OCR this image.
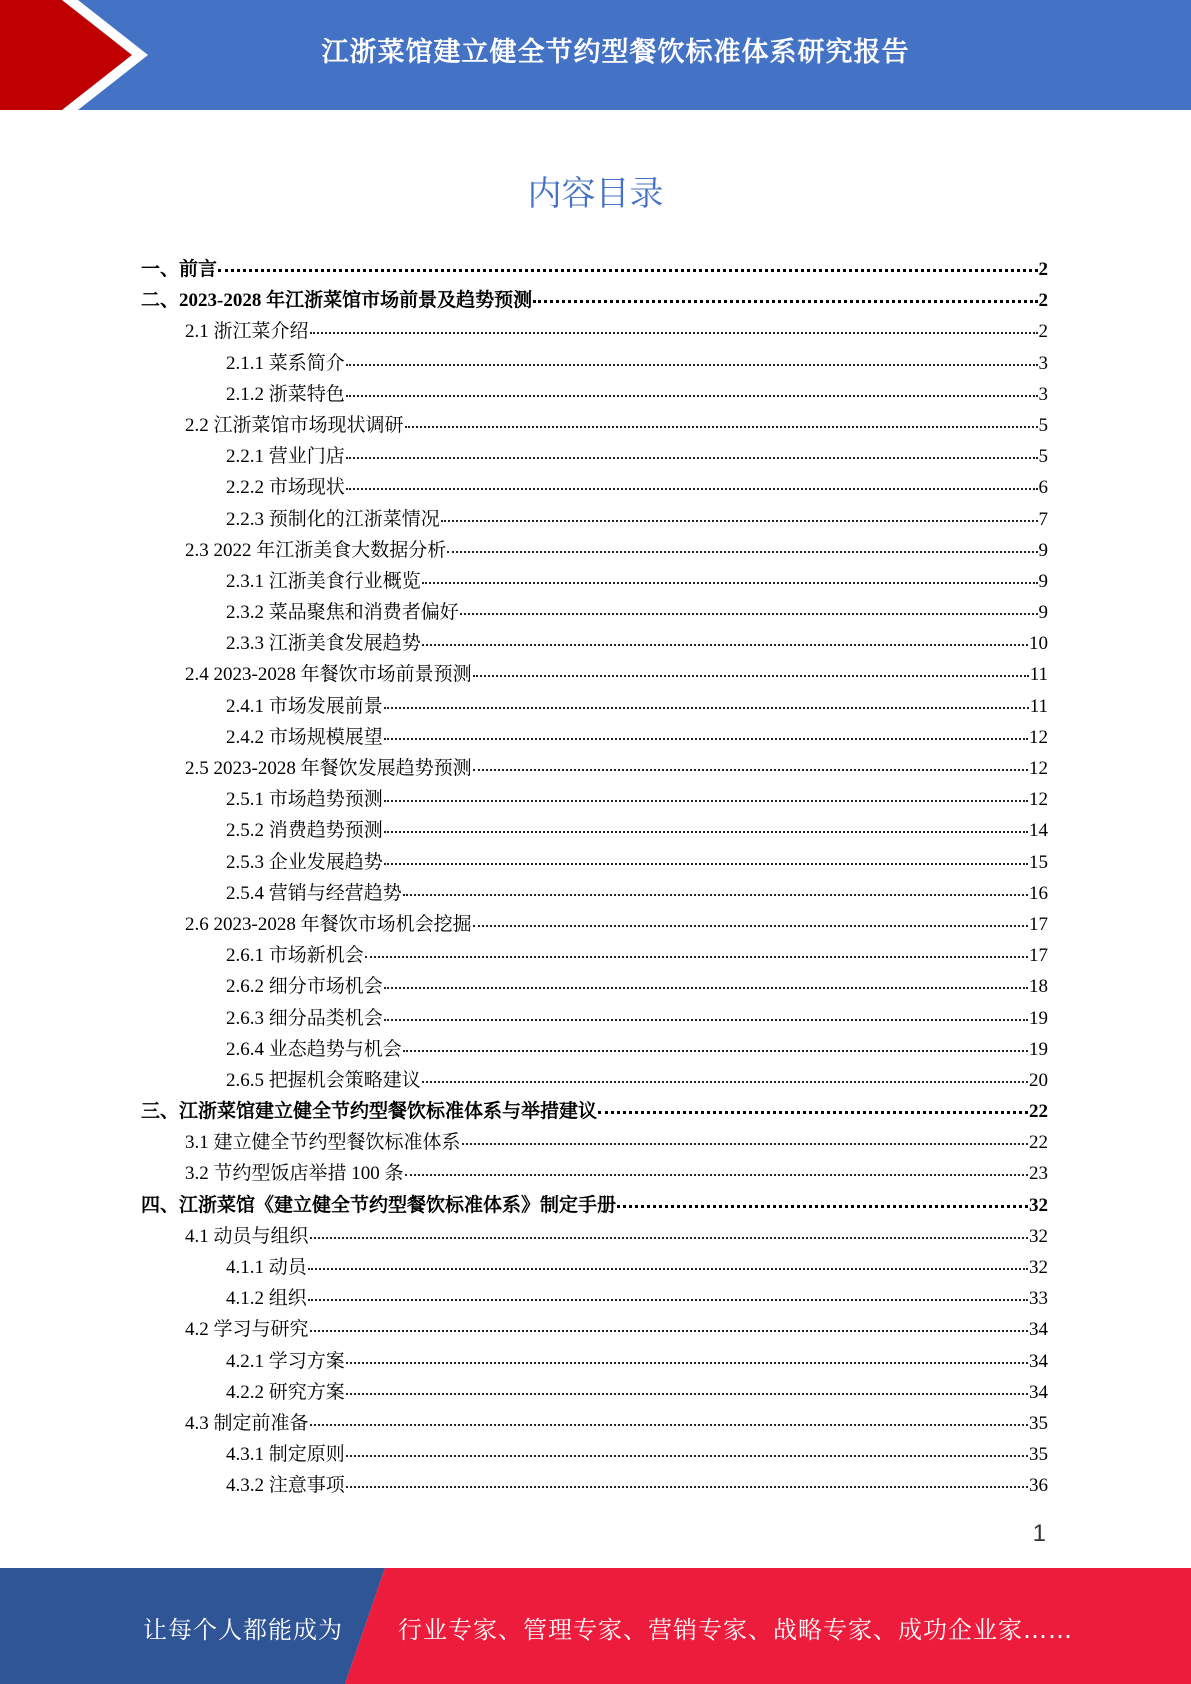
江浙菜馆建立健全节约型餐饮标准体系研究报告
内容目录
一、前言	2
二、2023-2028 年江浙菜馆市场前景及趋势预测	2
2.1 浙江菜介绍	2
2.1.1 菜系简介	3
2.1.2 浙菜特色	3
2.2 江浙菜馆市场现状调研	5
2.2.1 营业门店	5
2.2.2 市场现状	6
2.2.3 预制化的江浙菜情况	7
2.3 2022 年江浙美食大数据分析	9
2.3.1 江浙美食行业概览	9
2.3.2 菜品聚焦和消费者偏好	9
2.3.3 江浙美食发展趋势	10
2.4 2023-2028 年餐饮市场前景预测	11
2.4.1 市场发展前景	11
2.4.2 市场规模展望	12
2.5 2023-2028 年餐饮发展趋势预测	12
2.5.1 市场趋势预测	12
2.5.2 消费趋势预测	14
2.5.3 企业发展趋势	15
2.5.4 营销与经营趋势	16
2.6 2023-2028 年餐饮市场机会挖掘	17
2.6.1 市场新机会	17
2.6.2 细分市场机会	18
2.6.3 细分品类机会	19
2.6.4 业态趋势与机会	19
2.6.5 把握机会策略建议	20
三、江浙菜馆建立健全节约型餐饮标准体系与举措建议	22
3.1 建立健全节约型餐饮标准体系	22
3.2 节约型饭店举措 100 条	23
四、江浙菜馆《建立健全节约型餐饮标准体系》制定手册	32
4.1 动员与组织	32
4.1.1 动员	32
4.1.2 组织	33
4.2 学习与研究	34
4.2.1 学习方案	34
4.2.2 研究方案	34
4.3 制定前准备	35
4.3.1 制定原则	35
4.3.2 注意事项	36
1
让每个人都能成为 行业专家、管理专家、营销专家、战略专家、成功企业家……
